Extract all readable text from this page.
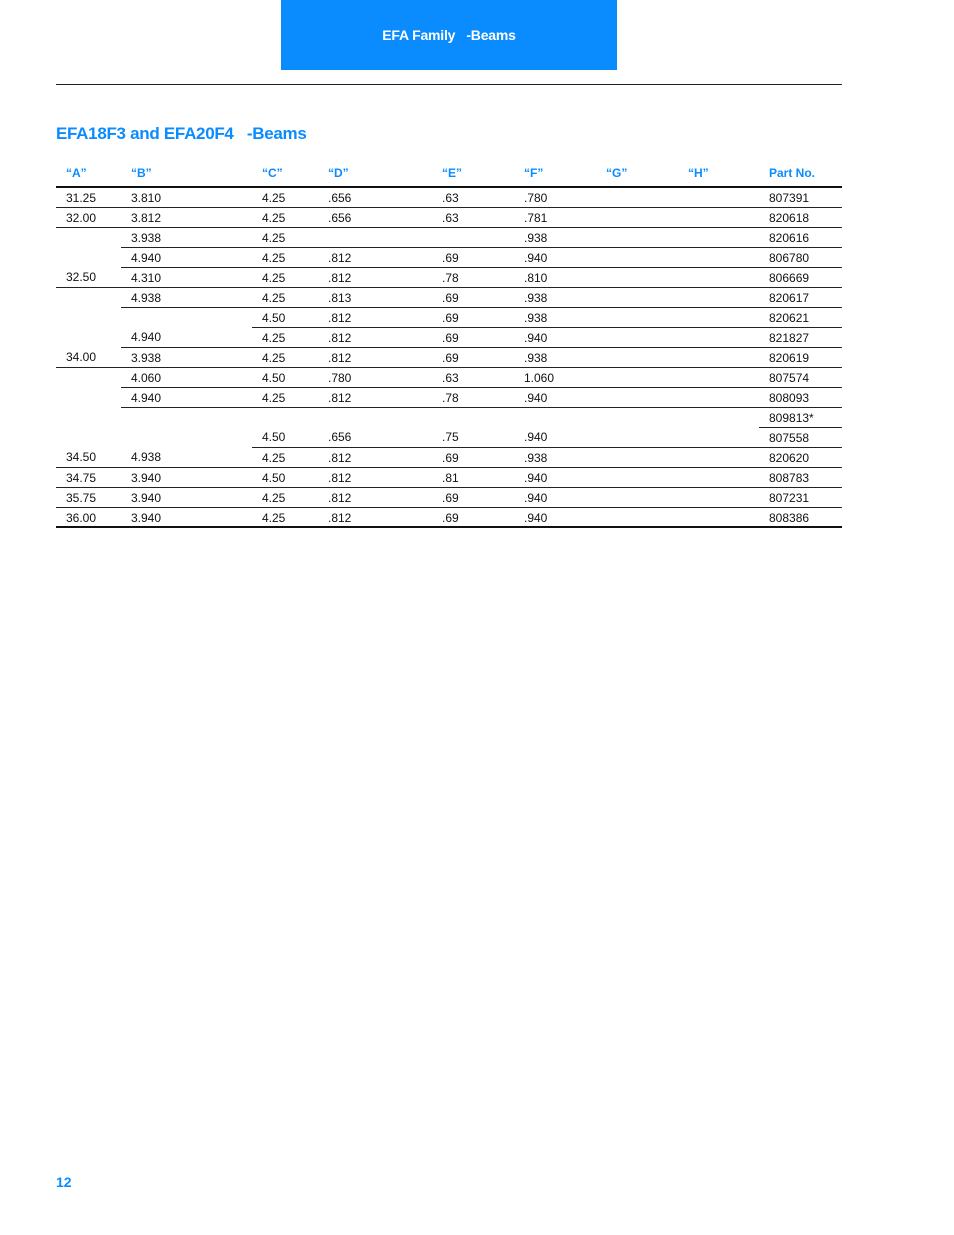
EFA Family   -Beams
EFA18F3 and EFA20F4   -Beams
“A”	“B”	“C”	“D”	“E”	“F”	“G”	“H”	Part No.
31.25	3.810	4.25	.656	.63	.780			807391
32.00	3.812	4.25	.656	.63	.781			820618
	3.938	4.25			.938			820616
	4.940	4.25	.812	.69	.940			806780
32.50	4.310	4.25	.812	.78	.810			806669
	4.938	4.25	.813	.69	.938			820617
		4.50	.812	.69	.938			820621
	4.940	4.25	.812	.69	.940			821827
34.00	3.938	4.25	.812	.69	.938			820619
	4.060	4.50	.780	.63	1.060			807574
	4.940	4.25	.812	.78	.940			808093
								809813*
		4.50	.656	.75	.940			807558
34.50	4.938	4.25	.812	.69	.938			820620
34.75	3.940	4.50	.812	.81	.940			808783
35.75	3.940	4.25	.812	.69	.940			807231
36.00	3.940	4.25	.812	.69	.940			808386
12
